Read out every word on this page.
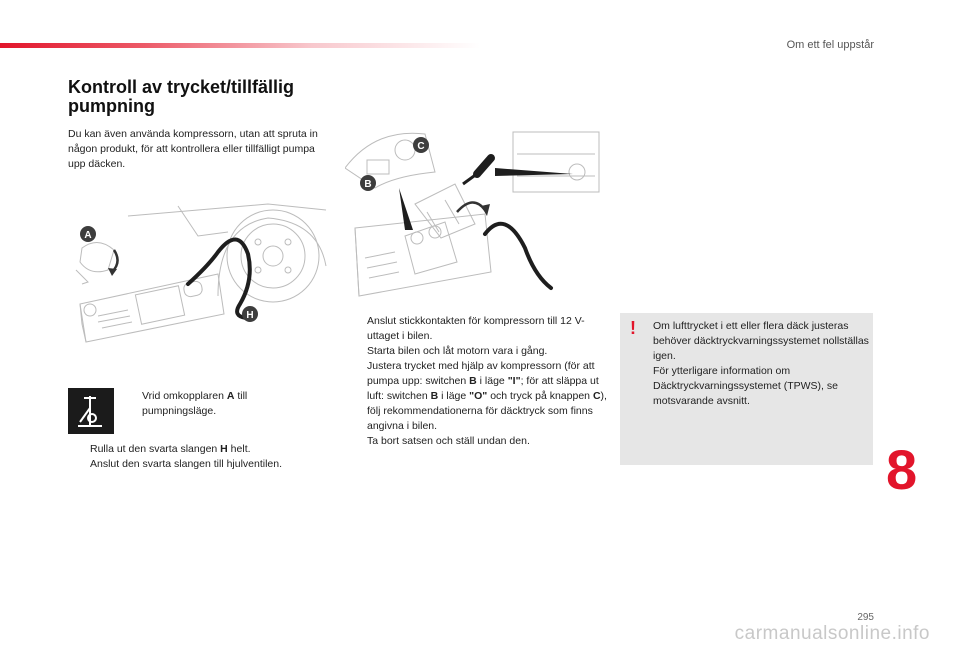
Om ett fel uppstår
Kontroll av trycket/tillfällig pumpning
Du kan även använda kompressorn, utan att spruta in någon produkt, för att kontrollera eller tillfälligt pumpa upp däcken.
A
H
C
B
Vrid omkopplaren A till pumpningsläge.
Rulla ut den svarta slangen H helt.
Anslut den svarta slangen till hjulventilen.
Anslut stickkontakten för kompressorn till 12 V-uttaget i bilen.
Starta bilen och låt motorn vara i gång.
Justera trycket med hjälp av kompressorn (för att pumpa upp: switchen B i läge "I"; för att släppa ut luft: switchen B i läge "O" och tryck på knappen C), följ rekommendationerna för däcktryck som finns angivna i bilen.
Ta bort satsen och ställ undan den.
! Om lufttrycket i ett eller flera däck justeras behöver däcktryckvarningssystemet nollställas igen.

För ytterligare information om Däcktryckvarningssystemet (TPWS), se motsvarande avsnitt.

8
295
carmanualsonline.info
